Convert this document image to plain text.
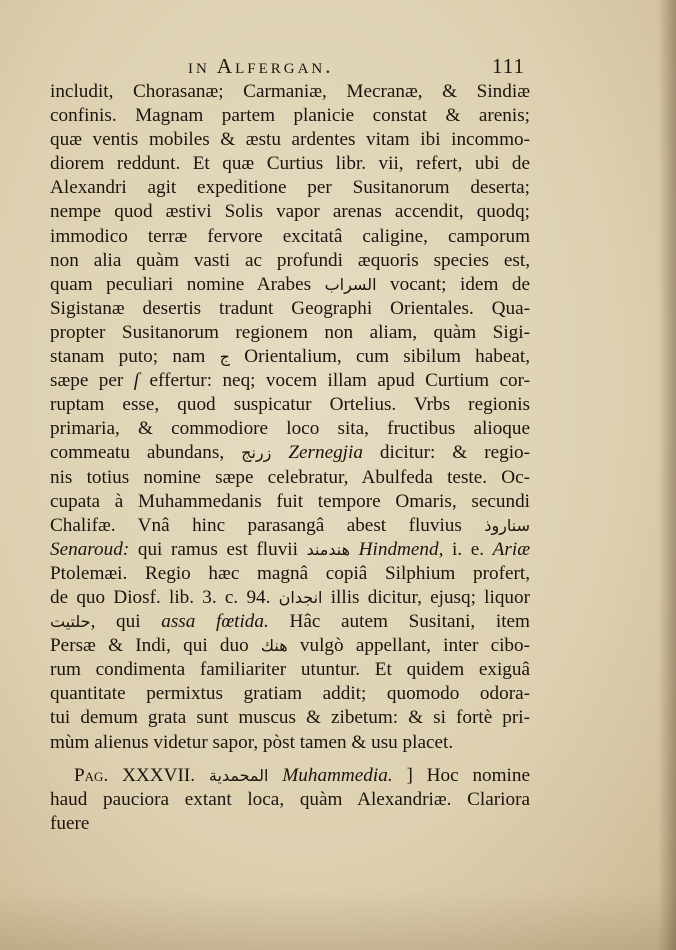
in Alfergan.	111
includit, Chorasanæ; Carmaniæ, Mecranæ, & Sindiæ
confinis. Magnam partem planicie constat & arenis;
quæ ventis mobiles & æstu ardentes vitam ibi incommo-
diorem reddunt. Et quæ Curtius libr. vii, refert, ubi de
Alexandri agit expeditione per Susitanorum deserta;
nempe quod æstivi Solis vapor arenas accendit, quodq;
immodico terræ fervore excitatâ caligine, camporum
non alia quàm vasti ac profundi æquoris species est,
quam peculiari nomine Arabes السراب vocant; idem de
Sigistanæ desertis tradunt Geographi Orientales. Qua-
propter Susitanorum regionem non aliam, quàm Sigi-
stanam puto; nam ج Orientalium, cum sibilum habeat,
sæpe per ſ effertur: neq; vocem illam apud Curtium cor-
ruptam esse, quod suspicatur Ortelius. Vrbs regionis
primaria, & commodiore loco sita, fructibus alioque
commeatu abundans, زرنج Zernegjia dicitur: & regio-
nis totius nomine sæpe celebratur, Abulfeda teste. Oc-
cupata à Muhammedanis fuit tempore Omaris, secundi
Chalifæ. Vnâ hinc parasangâ abest fluvius سناروذ
Senaroud: qui ramus est fluvii هندمند Hindmend, i. e. Ariæ
Ptolemæi. Regio hæc magnâ copiâ Silphium profert,
de quo Diosf. lib. 3. c. 94. انجدان illis dicitur, ejusq; liquor
حلتيت, qui assa fœtida. Hâc autem Susitani, item
Persæ & Indi, qui duo هنك vulgò appellant, inter cibo-
rum condimenta familiariter utuntur. Et quidem exiguâ
quantitate permixtus gratiam addit; quomodo odora-
tui demum grata sunt muscus & zibetum: & si fortè pri-
mùm alienus videtur sapor, pòst tamen & usu placet.
Pag. XXXVII. المحمدية Muhammedia. ] Hoc nomine
haud pauciora extant loca, quàm Alexandriæ. Clariora
fuere
